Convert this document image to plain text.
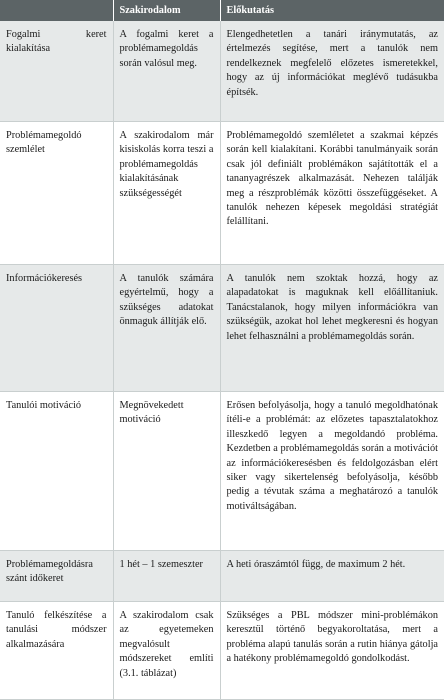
	Szakirodalom	Előkutatás
Fogalmi keret kialakítása	A fogalmi keret a problémamegoldás során valósul meg.	Elengedhetetlen a tanári iránymutatás, az értelmezés segítése, mert a tanulók nem rendelkeznek megfelelő előzetes ismeretekkel, hogy az új információkat meglévő tudásukba építsék.
Problémamegoldó szemlélet	A szakirodalom már kisiskolás korra teszi a problémamegoldás kialakításának szükségességét	Problémamegoldó szemléletet a szakmai képzés során kell kialakítani. Korábbi tanulmányaik során csak jól definiált problémákon sajátították el a tananyagrészek alkalmazását. Nehezen találják meg a részproblémák közötti összefüggéseket. A tanulók nehezen képesek megoldási stratégiát felállítani.
Információkeresés	A tanulók számára egyértelmű, hogy a szükséges adatokat önmaguk állítják elő.	A tanulók nem szoktak hozzá, hogy az alapadatokat is maguknak kell előállítaniuk. Tanácstalanok, hogy milyen információkra van szükségük, azokat hol lehet megkeresni és hogyan lehet felhasználni a problémamegoldás során.
Tanulói motiváció	Megnövekedett motiváció	Erősen befolyásolja, hogy a tanuló megoldhatónak ítéli-e a problémát: az előzetes tapasztalatokhoz illeszkedő legyen a megoldandó probléma. Kezdetben a problémamegoldás során a motivációt az információkeresésben és feldolgozásban elért siker vagy sikertelenség befolyásolja, később pedig a tévutak száma a meghatározó a tanulók motiváltságában.
Problémamegoldásra szánt időkeret	1 hét – 1 szemeszter	A heti óraszámtól függ, de maximum 2 hét.
Tanuló felkészítése a tanulási módszer alkalmazására	A szakirodalom csak az egyetemeken megvalósult módszereket említi (3.1. táblázat)	Szükséges a PBL módszer mini-problémákon keresztül történő begyakoroltatása, mert a probléma alapú tanulás során a rutin hiánya gátolja a hatékony problémamegoldó gondolkodást.
